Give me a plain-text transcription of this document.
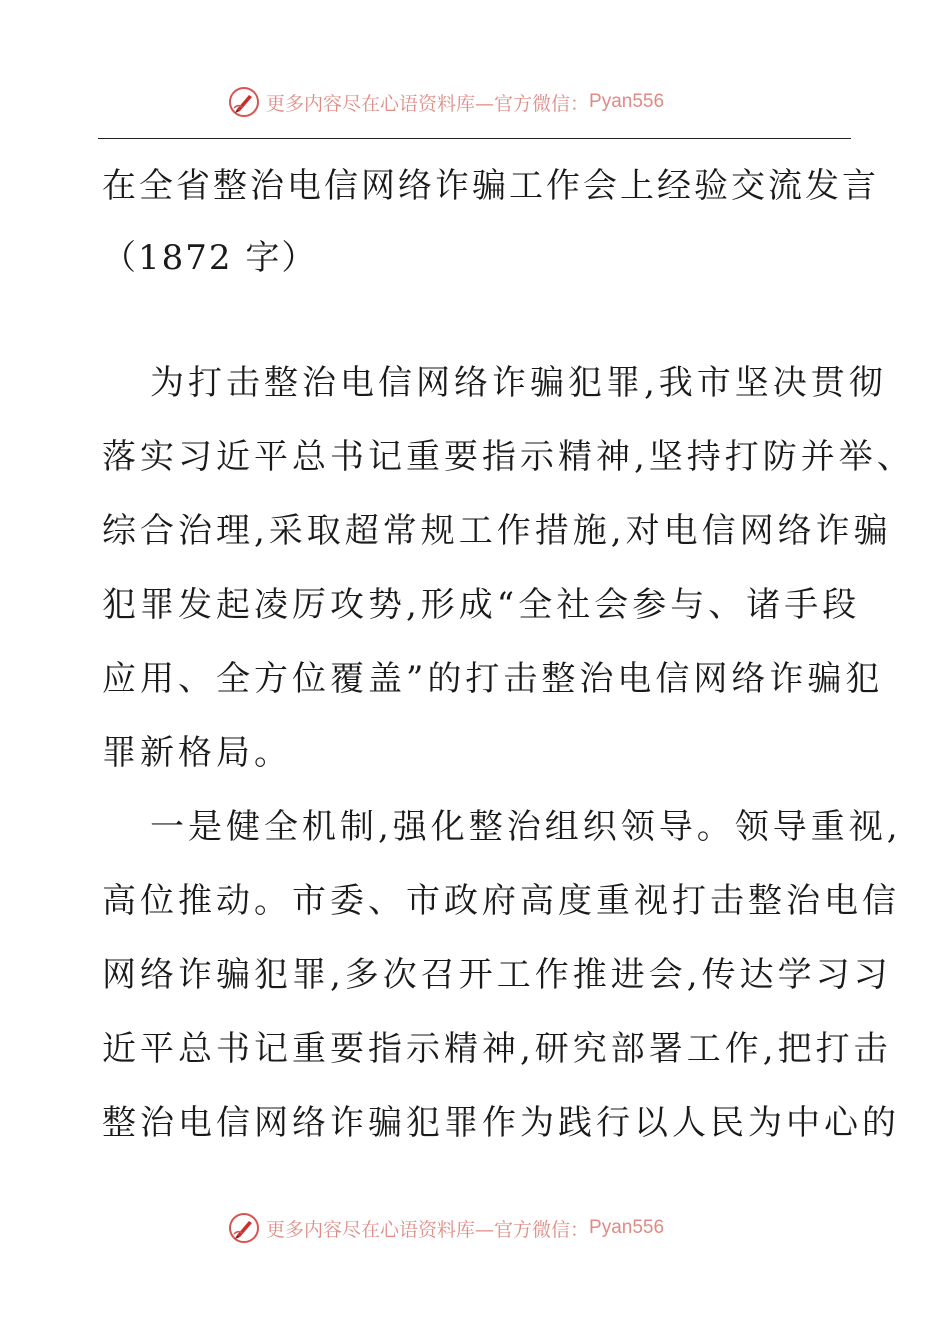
更多内容尽在心语资料库—官方微信： Pyan556
在全省整治电信网络诈骗工作会上经验交流发言
（1872 字）
为打击整治电信网络诈骗犯罪,我市坚决贯彻
落实习近平总书记重要指示精神,坚持打防并举、
综合治理,采取超常规工作措施,对电信网络诈骗
犯罪发起凌厉攻势,形成“全社会参与、诸手段
应用、全方位覆盖”的打击整治电信网络诈骗犯
罪新格局。
一是健全机制,强化整治组织领导。领导重视,
高位推动。市委、市政府高度重视打击整治电信
网络诈骗犯罪,多次召开工作推进会,传达学习习
近平总书记重要指示精神,研究部署工作,把打击
整治电信网络诈骗犯罪作为践行以人民为中心的
更多内容尽在心语资料库—官方微信： Pyan556
